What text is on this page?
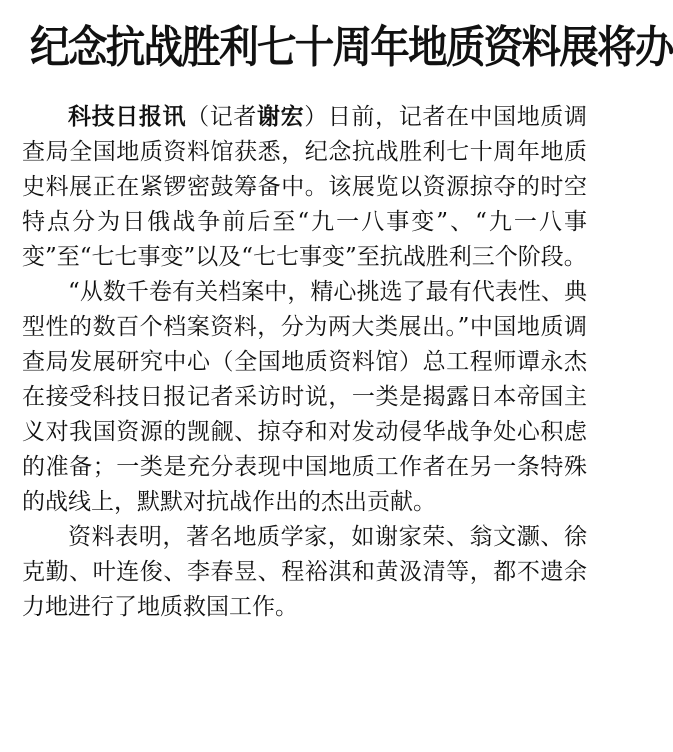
纪念抗战胜利七十周年地质资料展将办

科技日报讯（记者谢宏）日前，记者在中国地质调查局全国地质资料馆获悉，纪念抗战胜利七十周年地质史料展正在紧锣密鼓筹备中。该展览以资源掠夺的时空特点分为日俄战争前后至“九一八事变”、“九一八事变”至“七七事变”以及“七七事变”至抗战胜利三个阶段。

“从数千卷有关档案中，精心挑选了最有代表性、典型性的数百个档案资料，分为两大类展出。”中国地质调查局发展研究中心（全国地质资料馆）总工程师谭永杰在接受科技日报记者采访时说，一类是揭露日本帝国主义对我国资源的觊觎、掠夺和对发动侵华战争处心积虑的准备；一类是充分表现中国地质工作者在另一条特殊的战线上，默默对抗战作出的杰出贡献。

资料表明，著名地质学家，如谢家荣、翁文灏、徐克勤、叶连俊、李春昱、程裕淇和黄汲清等，都不遗余力地进行了地质救国工作。
